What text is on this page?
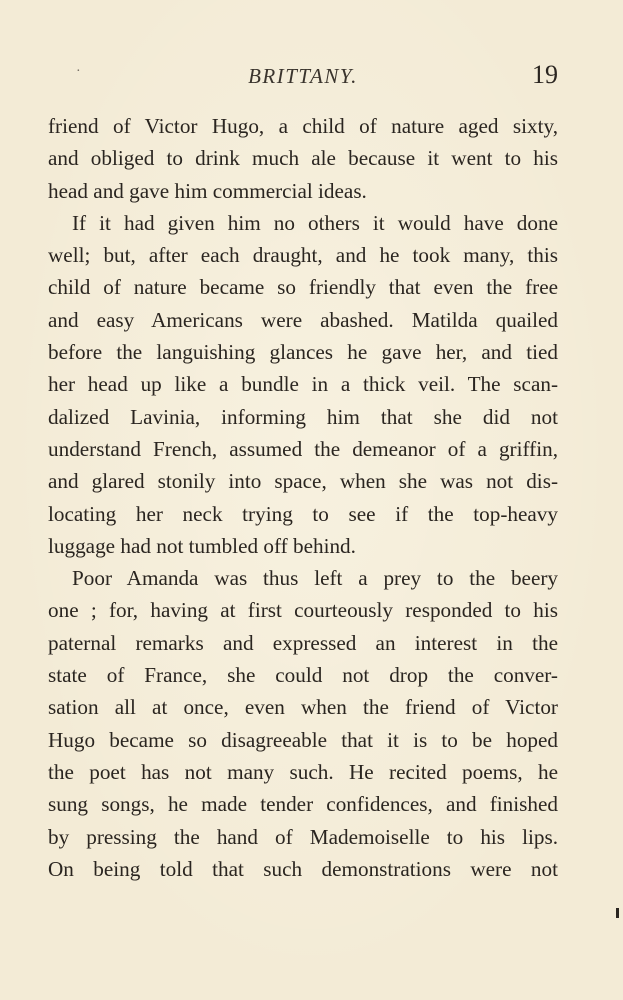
·	BRITTANY.	19
friend of Victor Hugo, a child of nature aged sixty,
and obliged to drink much ale because it went to his
head and gave him commercial ideas.
If it had given him no others it would have done
well; but, after each draught, and he took many, this
child of nature became so friendly that even the free
and easy Americans were abashed. Matilda quailed
before the languishing glances he gave her, and tied
her head up like a bundle in a thick veil. The scan-
dalized Lavinia, informing him that she did not
understand French, assumed the demeanor of a griffin,
and glared stonily into space, when she was not dis-
locating her neck trying to see if the top-heavy
luggage had not tumbled off behind.
Poor Amanda was thus left a prey to the beery
one ; for, having at first courteously responded to his
paternal remarks and expressed an interest in the
state of France, she could not drop the conver-
sation all at once, even when the friend of Victor
Hugo became so disagreeable that it is to be hoped
the poet has not many such. He recited poems, he
sung songs, he made tender confidences, and finished
by pressing the hand of Mademoiselle to his lips.
On being told that such demonstrations were not
